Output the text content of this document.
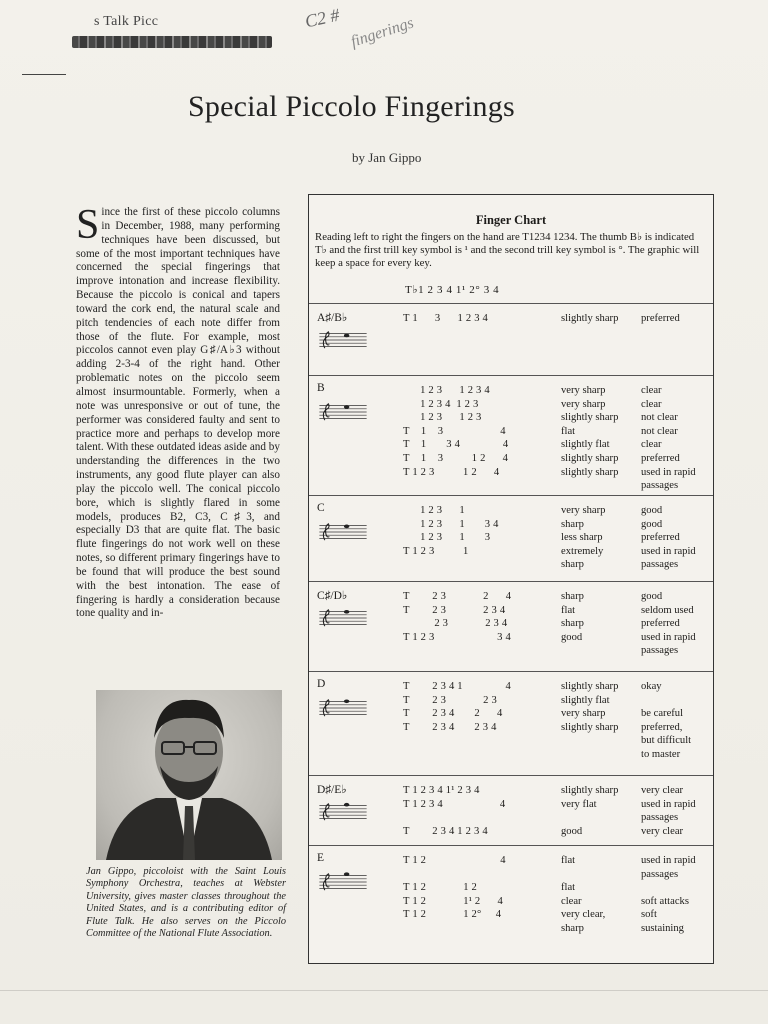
s Talk Picc	C2 # fingerings
Special Piccolo Fingerings
by Jan Gippo
Since the first of these piccolo columns in December, 1988, many performing techniques have been discussed, but some of the most important techniques have concerned the special fingerings that improve intonation and increase flexibility. Because the piccolo is conical and tapers toward the cork end, the natural scale and pitch tendencies of each note differ from those of the flute. For example, most piccolos cannot even play G♯/A♭3 without adding 2-3-4 of the right hand. Other problematic notes on the piccolo seem almost insurmountable. Formerly, when a note was unresponsive or out of tune, the performer was considered faulty and sent to practice more and perhaps to develop more talent. With these outdated ideas aside and by understanding the differences in the two instruments, any good flute player can also play the piccolo well. The conical piccolo bore, which is slightly flared in some models, produces B2, C3, C♯3, and especially D3 that are quite flat. The basic flute fingerings do not work well on these notes, so different primary fingerings have to be found that will produce the best sound with the best intonation. The ease of fingering is hardly a consideration because tone quality and in-
Jan Gippo, piccoloist with the Saint Louis Symphony Orchestra, teaches at Webster University, gives master classes throughout the United States, and is a contributing editor of Flute Talk. He also serves on the Piccolo Committee of the National Flute Association.
Finger Chart
Reading left to right the fingers on the hand are T1234 1234. The thumb B♭ is indicated T♭ and the first trill key symbol is ¹ and the second trill key symbol is °. The graphic will keep a space for every key.
T♭1 2 3 4 1¹ 2° 3 4
A♯/B♭	T 1      3      1 2 3 4	slightly sharp	preferred
B	1 2 3      1 2 3 4	very sharp	clear
1 2 3 4  1 2 3	very sharp	clear
1 2 3      1 2 3	slightly sharp	not clear
T    1    3                    4	flat	not clear
T    1       3 4               4	slightly flat	clear
T    1    3          1 2      4	slightly sharp	preferred
T 1 2 3          1 2      4	slightly sharp	used in rapid
passages
C	1 2 3      1	very sharp	good
1 2 3      1       3 4	sharp	good
1 2 3      1       3	less sharp	preferred
T 1 2 3          1	extremely	used in rapid
sharp	passages
C♯/D♭	T        2 3             2      4	sharp	good
T        2 3             2 3 4	flat	seldom used
2 3             2 3 4	sharp	preferred
T 1 2 3                      3 4	good	used in rapid
passages
D	T        2 3 4 1               4	slightly sharp	okay
T        2 3             2 3	slightly flat
T        2 3 4       2      4	very sharp	be careful
T        2 3 4       2 3 4	slightly sharp	preferred,
but difficult
to master
D♯/E♭	T 1 2 3 4 1¹ 2 3 4	slightly sharp	very clear
T 1 2 3 4                    4	very flat	used in rapid
passages
T        2 3 4 1 2 3 4	good	very clear
E	T 1 2                          4	flat	used in rapid
passages
T 1 2             1 2	flat
T 1 2             1¹ 2      4	clear	soft attacks
T 1 2             1 2°     4	very clear,	soft
sharp	sustaining
